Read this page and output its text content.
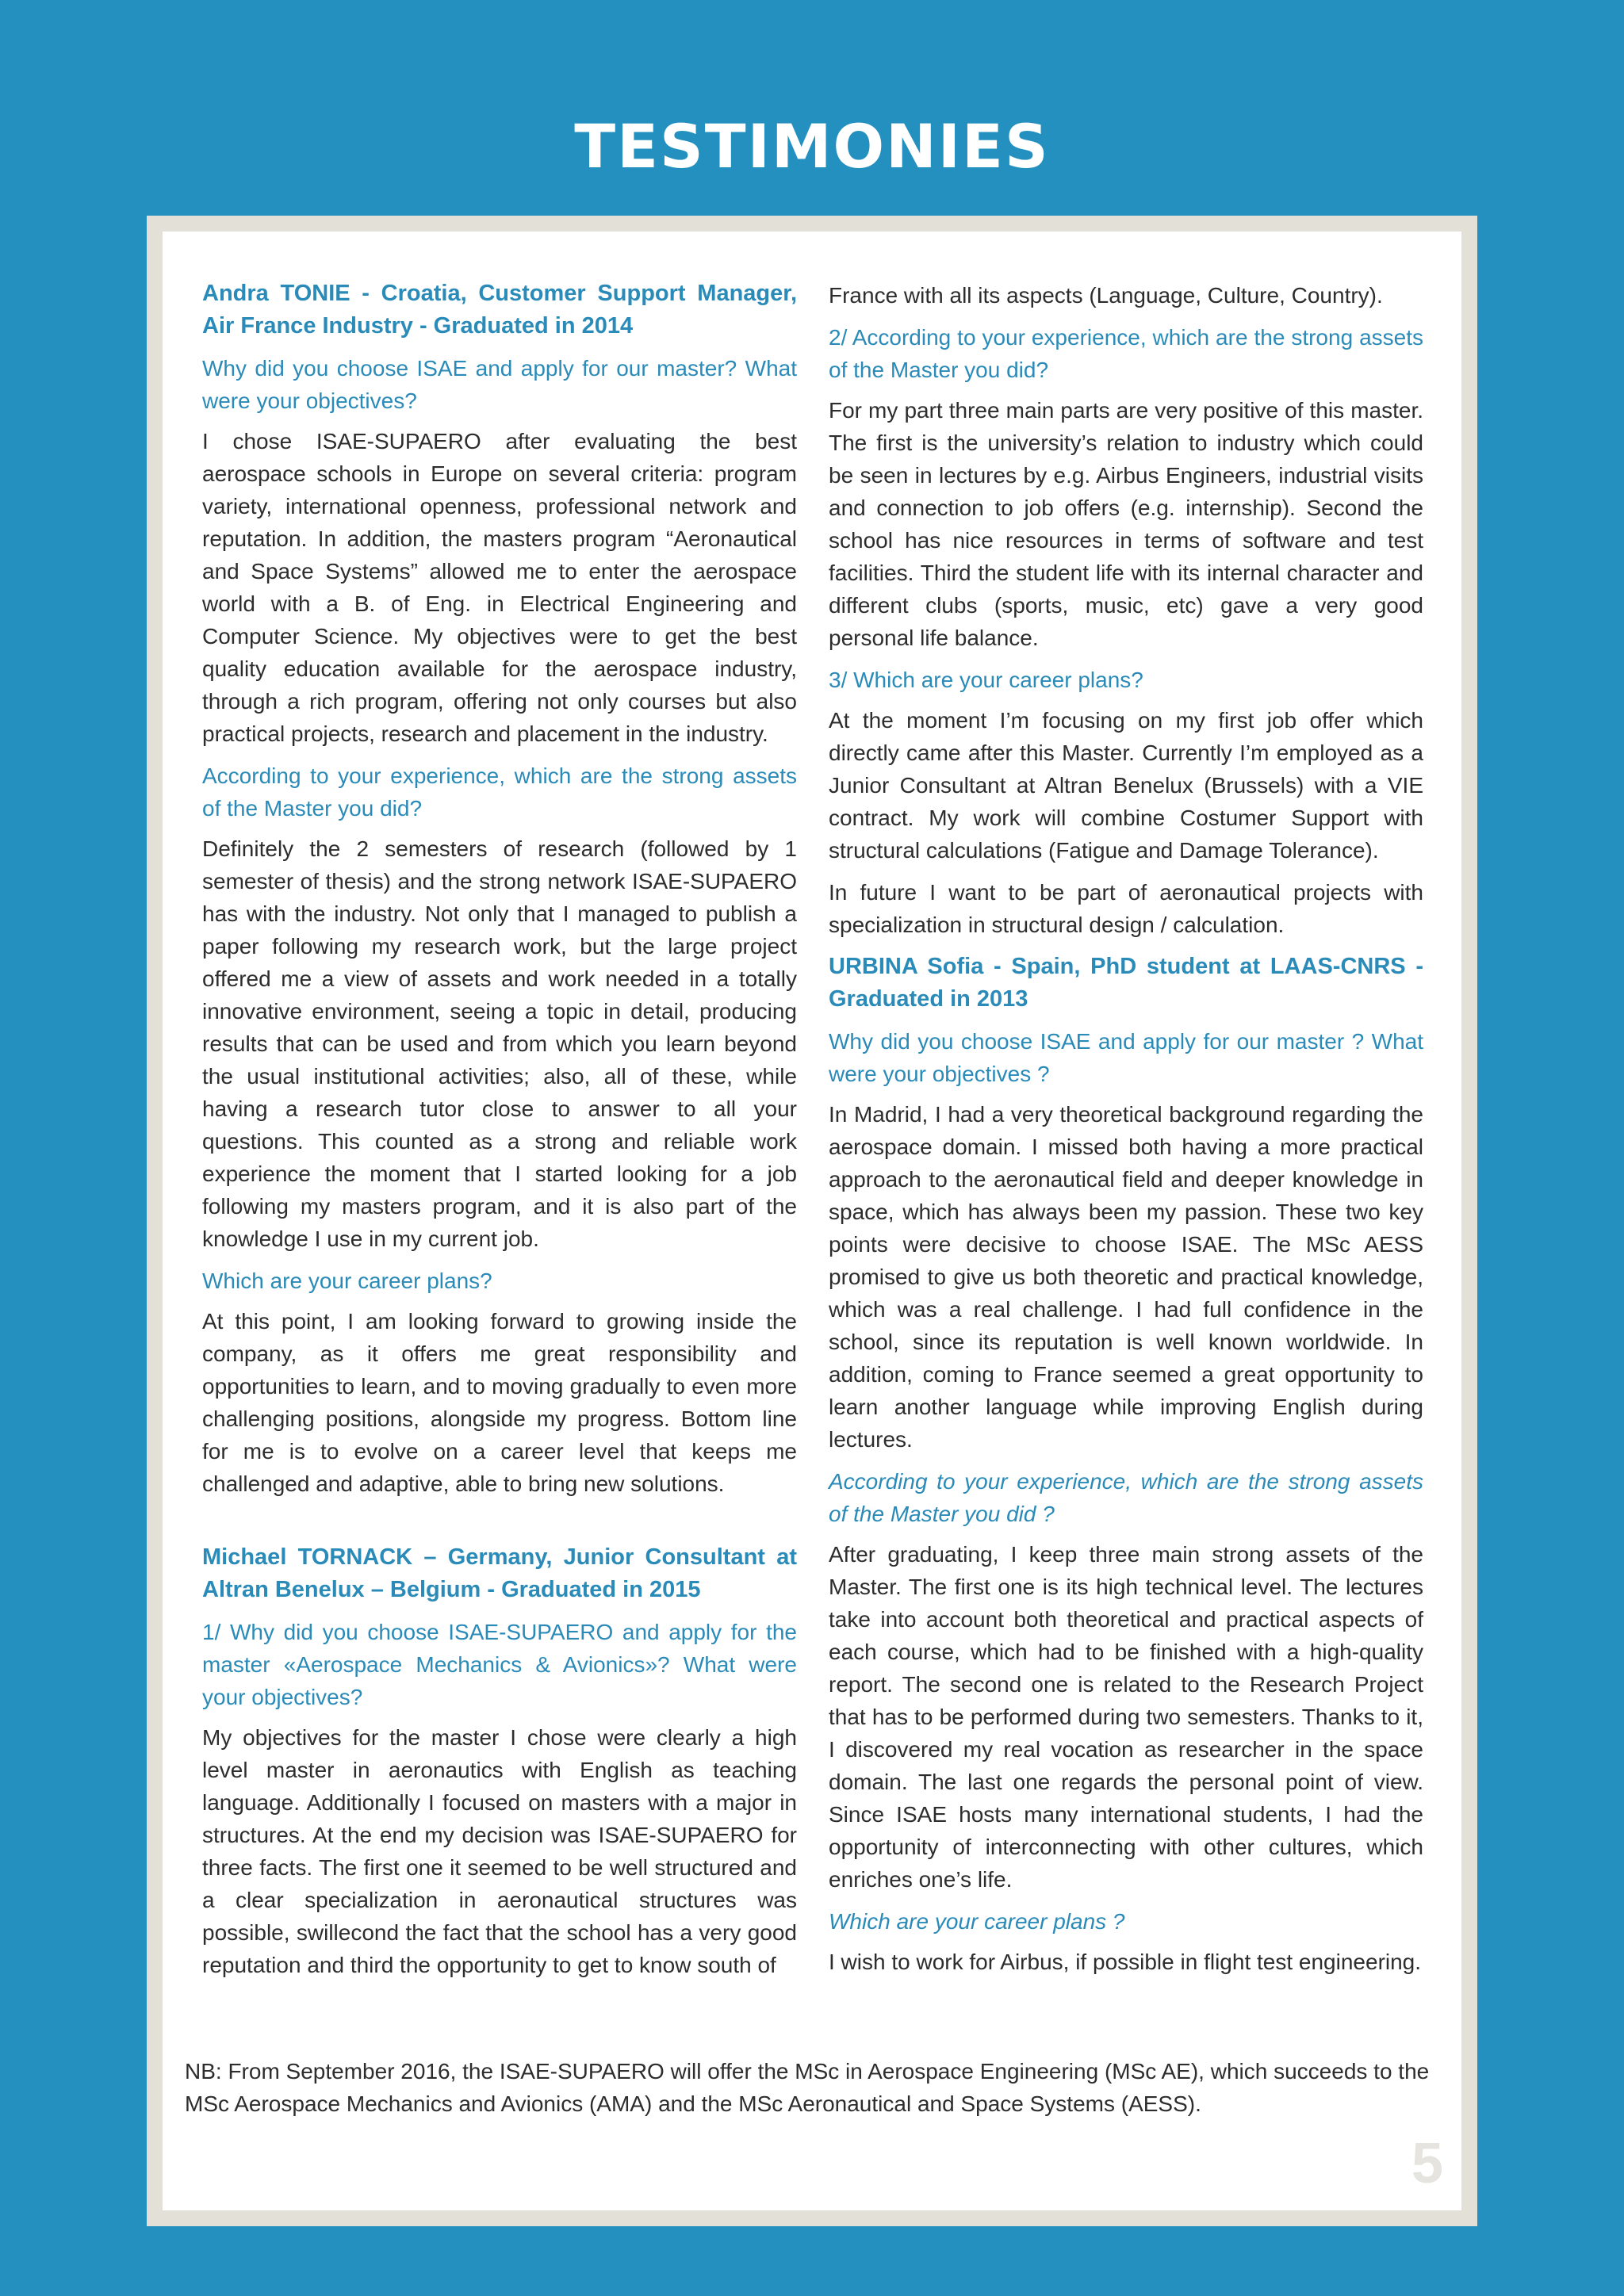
TESTIMONIES
Andra TONIE - Croatia, Customer Support Manager, Air France Industry - Graduated in 2014
Why did you choose ISAE and apply for our master? What were your objectives?
I chose ISAE-SUPAERO after evaluating the best aerospace schools in Europe on several criteria: program variety, international openness, professional network and reputation. In addition, the masters program “Aeronautical and Space Systems” allowed me to enter the aerospace world with a B. of Eng. in Electrical Engineering and Computer Science. My objectives were to get the best quality education available for the aerospace industry, through a rich program, offering not only courses but also practical projects, research and placement in the industry.
According to your experience, which are the strong assets of the Master you did?
Definitely the 2 semesters of research (followed by 1 semester of thesis) and the strong network ISAE-SUPAERO has with the industry. Not only that I managed to publish a paper following my research work, but the large project offered me a view of assets and work needed in a totally innovative environment, seeing a topic in detail, producing results that can be used and from which you learn beyond the usual institutional activities; also, all of these, while having a research tutor close to answer to all your questions. This counted as a strong and reliable work experience the moment that I started looking for a job following my masters program, and it is also part of the knowledge I use in my current job.
Which are your career plans?
At this point, I am looking forward to growing inside the company, as it offers me great responsibility and opportunities to learn, and to moving gradually to even more challenging positions, alongside my progress. Bottom line for me is to evolve on a career level that keeps me challenged and adaptive, able to bring new solutions.
Michael TORNACK – Germany, Junior Consultant at Altran Benelux – Belgium - Graduated in 2015
1/ Why did you choose ISAE-SUPAERO and apply for the master «Aerospace Mechanics & Avionics»? What were your objectives?
My objectives for the master I chose were clearly a high level master in aeronautics with English as teaching language. Additionally I focused on masters with a major in structures. At the end my decision was ISAE-SUPAERO for three facts. The first one it seemed to be well structured and a clear specialization in aeronautical structures was possible, swillecond the fact that the school has a very good reputation and third the opportunity to get to know south of
France with all its aspects (Language, Culture, Country).
2/ According to your experience, which are the strong assets of the Master you did?
For my part three main parts are very positive of this master. The first is the university’s relation to industry which could be seen in lectures by e.g. Airbus Engineers, industrial visits and connection to job offers (e.g. internship). Second the school has nice resources in terms of software and test facilities. Third the student life with its internal character and different clubs (sports, music, etc) gave a very good personal life balance.
3/ Which are your career plans?
At the moment I’m focusing on my first job offer which directly came after this Master. Currently I’m employed as a Junior Consultant at Altran Benelux (Brussels) with a VIE contract. My work will combine Costumer Support with structural calculations (Fatigue and Damage Tolerance).
In future I want to be part of aeronautical projects with specialization in structural design / calculation.
URBINA Sofia - Spain, PhD student at LAAS-CNRS - Graduated in 2013
Why did you choose ISAE and apply for our master ? What were your objectives ?
In Madrid, I had a very theoretical background regarding the aerospace domain. I missed both having a more practical approach to the aeronautical field and deeper knowledge in space, which has always been my passion. These two key points were decisive to choose ISAE. The MSc AESS promised to give us both theoretic and practical knowledge, which was a real challenge. I had full confidence in the school, since its reputation is well known worldwide. In addition, coming to France seemed a great opportunity to learn another language while improving English during lectures.
According to your experience, which are the strong assets of the Master you did ?
After graduating, I keep three main strong assets of the Master. The first one is its high technical level. The lectures take into account both theoretical and practical aspects of each course, which had to be finished with a high-quality report. The second one is related to the Research Project that has to be performed during two semesters. Thanks to it, I discovered my real vocation as researcher in the space domain. The last one regards the personal point of view. Since ISAE hosts many international students, I had the opportunity of interconnecting with other cultures, which enriches one’s life.
Which are your career plans ?
I wish to work for Airbus, if possible in flight test engineering.
NB: From September 2016, the ISAE-SUPAERO will offer the MSc in Aerospace Engineering (MSc AE), which succeeds to the MSc Aerospace Mechanics and Avionics (AMA) and the MSc Aeronautical and Space Systems (AESS).
5
